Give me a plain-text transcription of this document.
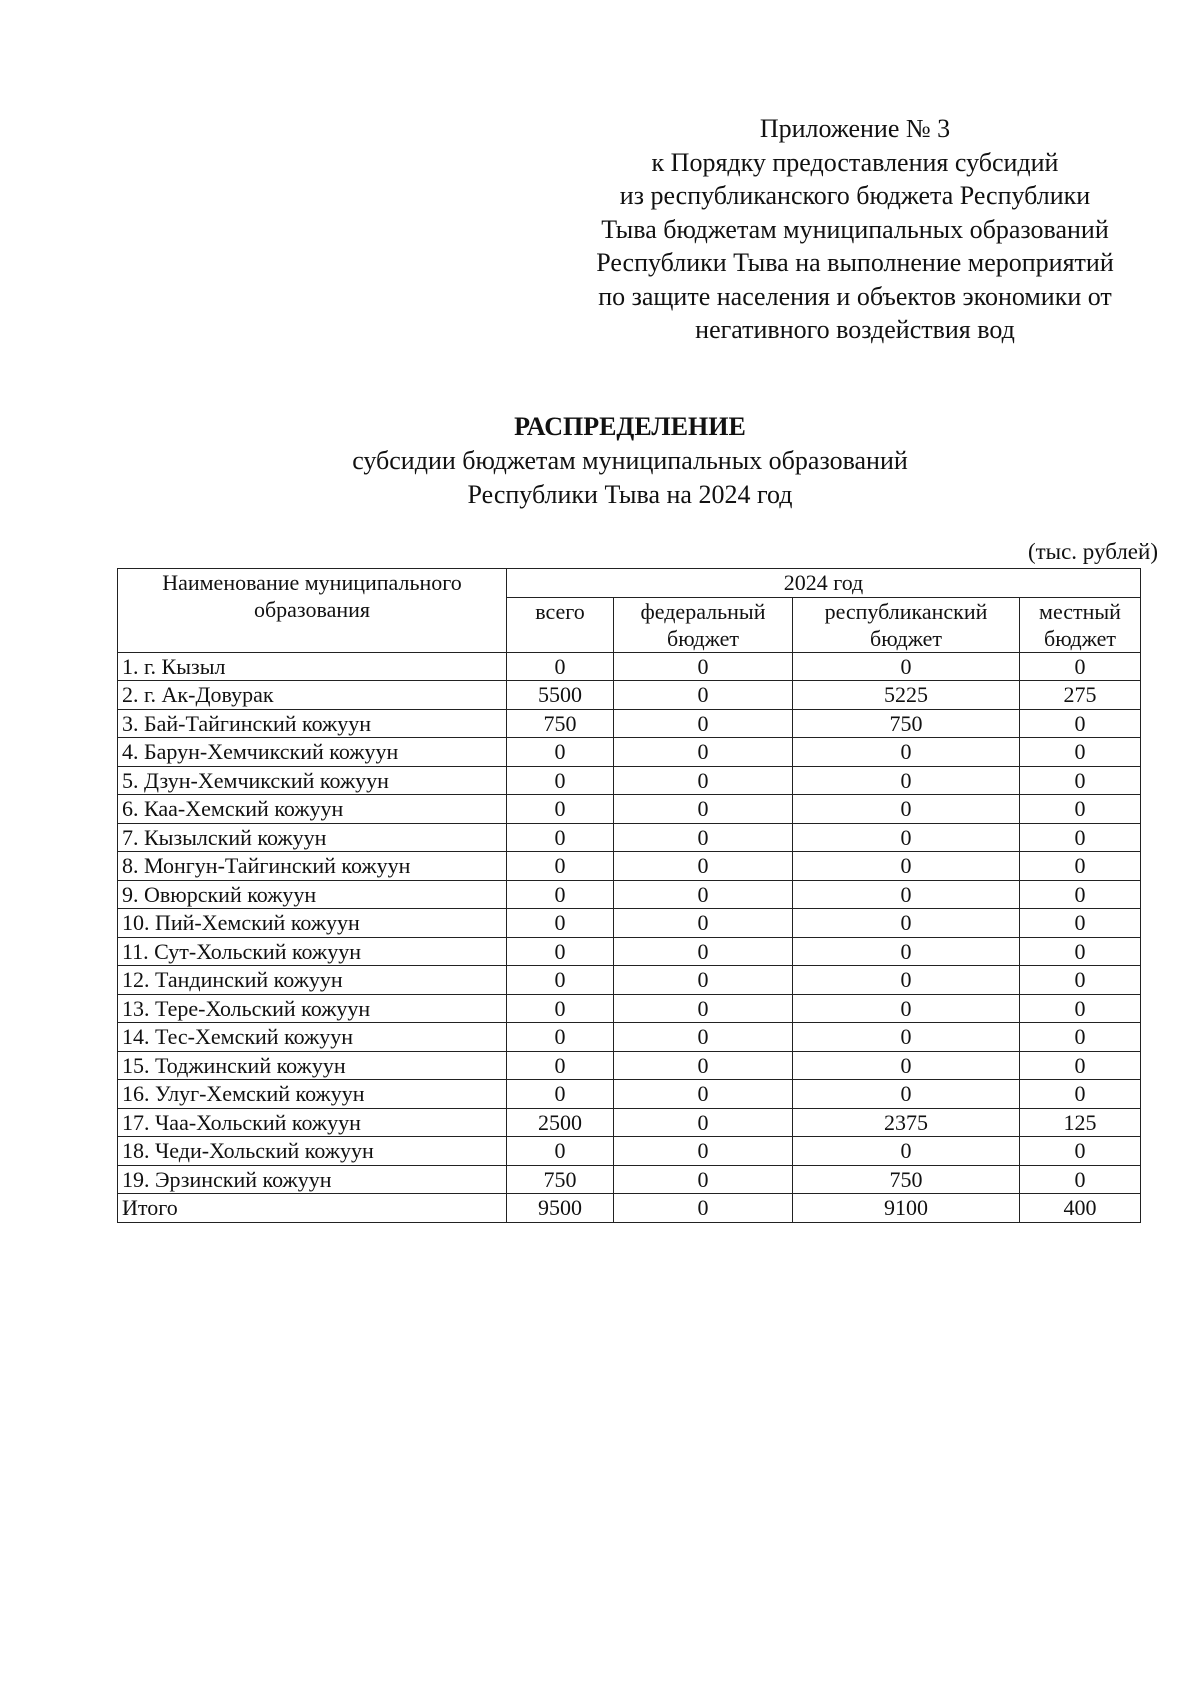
Приложение № 3
к Порядку предоставления субсидий
из республиканского бюджета Республики
Тыва бюджетам муниципальных образований
Республики Тыва на выполнение мероприятий
по защите населения и объектов экономики от
негативного воздействия вод
РАСПРЕДЕЛЕНИЕ
субсидии бюджетам муниципальных образований
Республики Тыва на 2024 год
(тыс. рублей)
Наименование муниципального образования	2024 год			
	всего	федеральный бюджет	республиканский бюджет	местный бюджет
1. г. Кызыл	0	0	0	0
2. г. Ак-Довурак	5500	0	5225	275
3. Бай-Тайгинский кожуун	750	0	750	0
4. Барун-Хемчикский кожуун	0	0	0	0
5. Дзун-Хемчикский кожуун	0	0	0	0
6. Каа-Хемский кожуун	0	0	0	0
7. Кызылский кожуун	0	0	0	0
8. Монгун-Тайгинский кожуун	0	0	0	0
9. Овюрский кожуун	0	0	0	0
10. Пий-Хемский кожуун	0	0	0	0
11. Сут-Хольский кожуун	0	0	0	0
12. Тандинский кожуун	0	0	0	0
13. Тере-Хольский кожуун	0	0	0	0
14. Тес-Хемский кожуун	0	0	0	0
15. Тоджинский кожуун	0	0	0	0
16. Улуг-Хемский кожуун	0	0	0	0
17. Чаа-Хольский кожуун	2500	0	2375	125
18. Чеди-Хольский кожуун	0	0	0	0
19. Эрзинский кожуун	750	0	750	0
Итого	9500	0	9100	400
